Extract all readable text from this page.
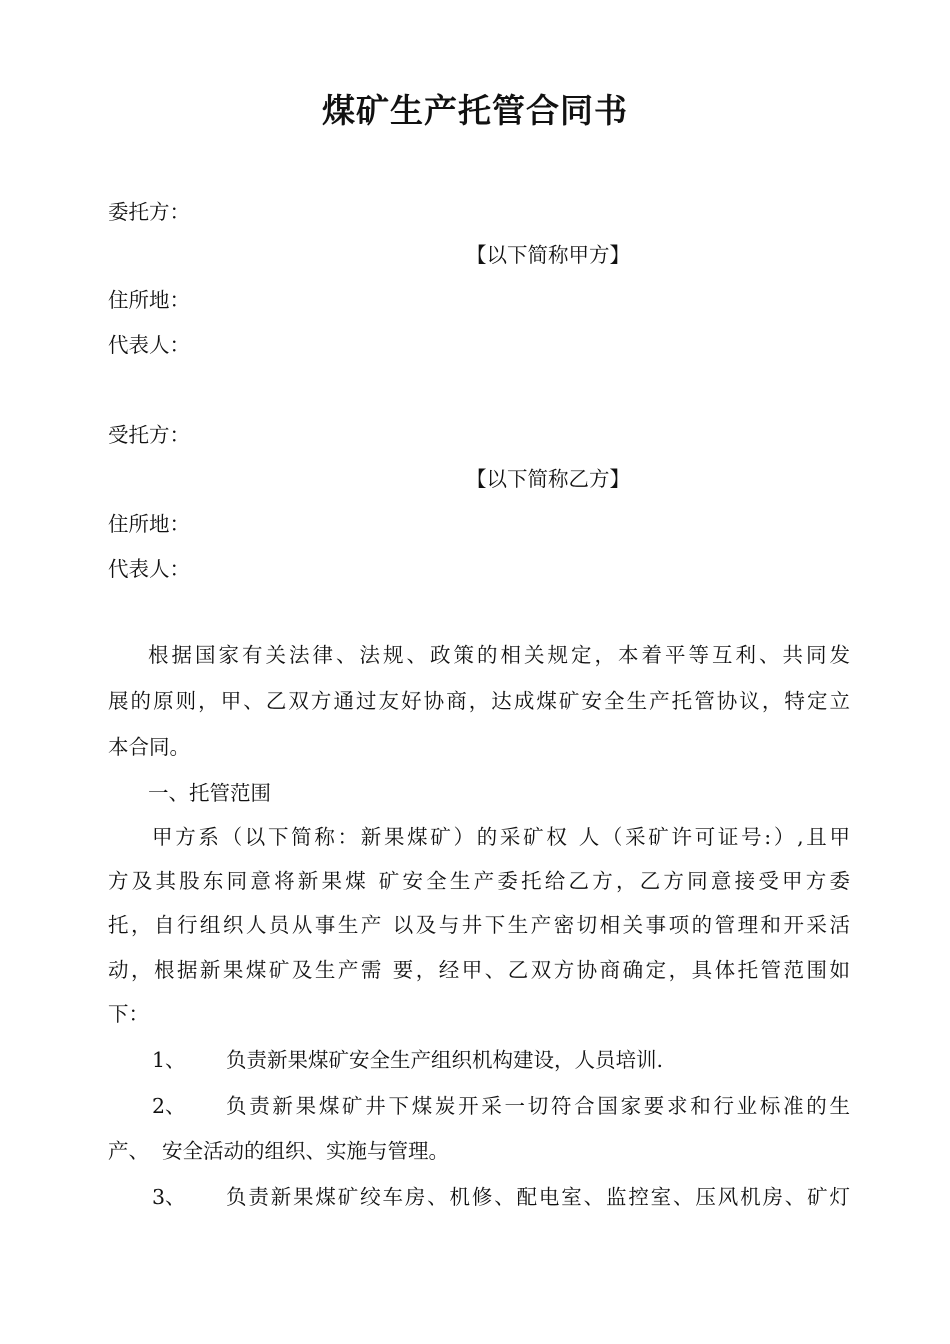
煤矿生产托管合同书
委托方：
【以下简称甲方】
住所地：
代表人：
受托方：
【以下简称乙方】
住所地：
代表人：
根据国家有关法律、法规、政策的相关规定，本着平等互利、共同发
展的原则，甲、乙双方通过友好协商，达成煤矿安全生产托管协议，特定立
本合同。
一、托管范围
甲方系（以下简称：新果煤矿）的采矿权 人（采矿许可证号:）,且甲
方及其股东同意将新果煤 矿安全生产委托给乙方，乙方同意接受甲方委
托，自行组织人员从事生产 以及与井下生产密切相关事项的管理和开采活
动，根据新果煤矿及生产需 要，经甲、乙双方协商确定，具体托管范围如
下：
1、 负责新果煤矿安全生产组织机构建设，人员培训.
2、 负责新果煤矿井下煤炭开采一切符合国家要求和行业标准的生
产、  安全活动的组织、实施与管理。
3、 负责新果煤矿绞车房、机修、配电室、监控室、压风机房、矿灯
